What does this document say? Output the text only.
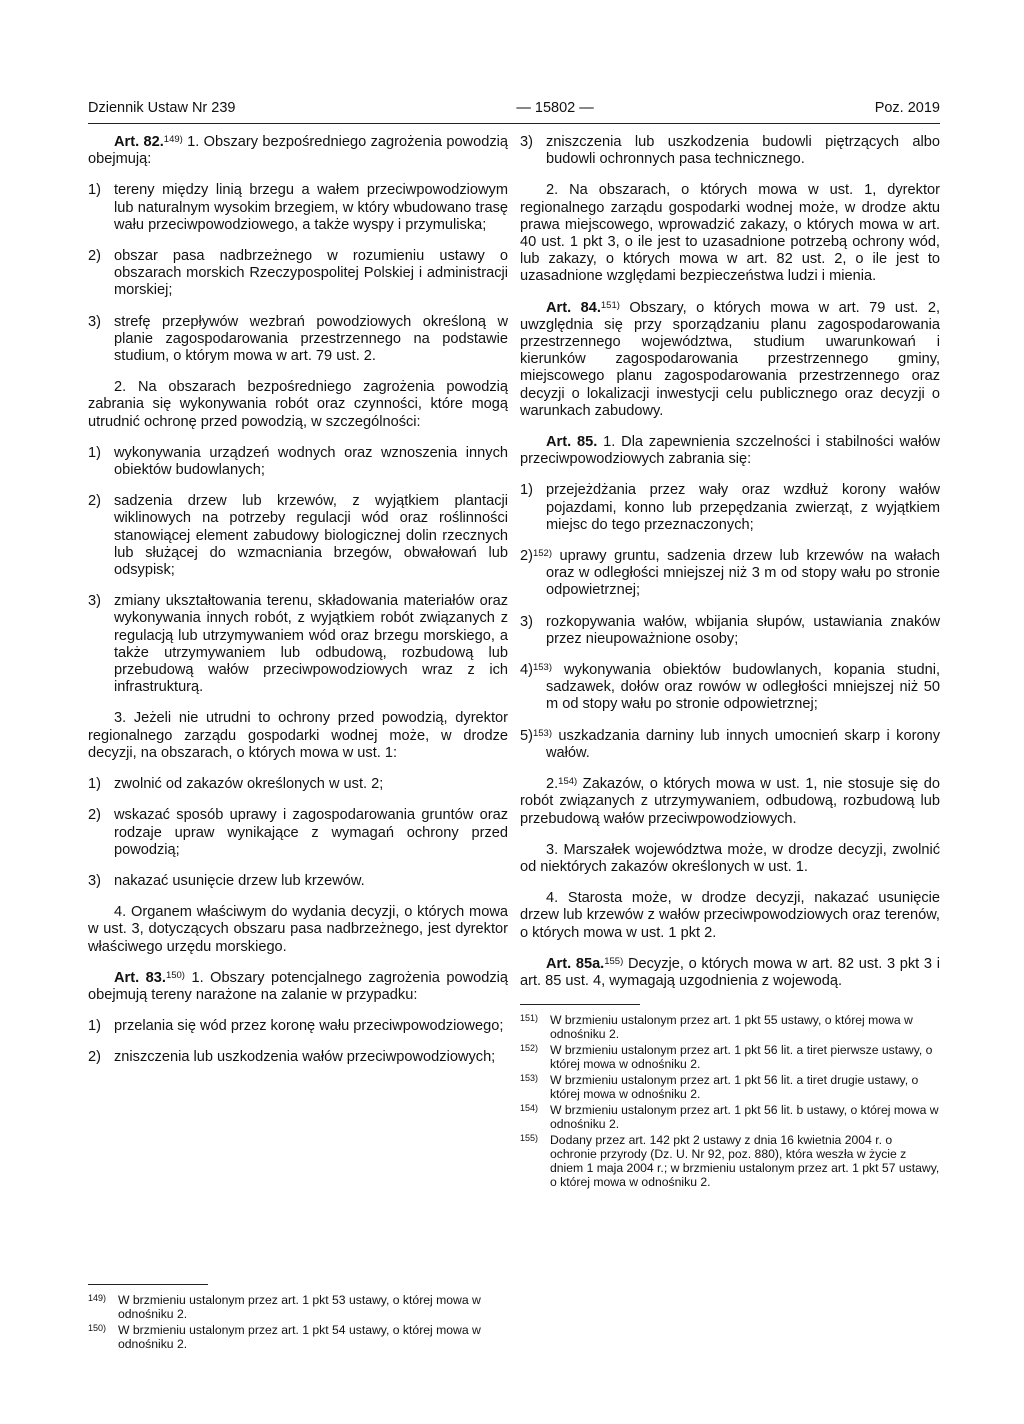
Dziennik Ustaw Nr 239	— 15802 —	Poz. 2019

Art. 82.$^{149)}$ 1. Obszary bezpośredniego zagrożenia powodzią obejmują:

1) tereny między linią brzegu a wałem przeciwpowodziowym lub naturalnym wysokim brzegiem, w który wbudowano trasę wału przeciwpowodziowego, a także wyspy i przymuliska;
2) obszar pasa nadbrzeżnego w rozumieniu ustawy o obszarach morskich Rzeczypospolitej Polskiej i administracji morskiej;
3) strefę przepływów wezbrań powodziowych określoną w planie zagospodarowania przestrzennego na podstawie studium, o którym mowa w art. 79 ust. 2.

2. Na obszarach bezpośredniego zagrożenia powodzią zabrania się wykonywania robót oraz czynności, które mogą utrudnić ochronę przed powodzią, w szczególności:

1) wykonywania urządzeń wodnych oraz wznoszenia innych obiektów budowlanych;
2) sadzenia drzew lub krzewów, z wyjątkiem plantacji wiklinowych na potrzeby regulacji wód oraz roślinności stanowiącej element zabudowy biologicznej dolin rzecznych lub służącej do wzmacniania brzegów, obwałowań lub odsypisk;
3) zmiany ukształtowania terenu, składowania materiałów oraz wykonywania innych robót, z wyjątkiem robót związanych z regulacją lub utrzymywaniem wód oraz brzegu morskiego, a także utrzymywaniem lub odbudową, rozbudową lub przebudową wałów przeciwpowodziowych wraz z ich infrastrukturą.

3. Jeżeli nie utrudni to ochrony przed powodzią, dyrektor regionalnego zarządu gospodarki wodnej może, w drodze decyzji, na obszarach, o których mowa w ust. 1:

1) zwolnić od zakazów określonych w ust. 2;
2) wskazać sposób uprawy i zagospodarowania gruntów oraz rodzaje upraw wynikające z wymagań ochrony przed powodzią;
3) nakazać usunięcie drzew lub krzewów.

4. Organem właściwym do wydania decyzji, o których mowa w ust. 3, dotyczących obszaru pasa nadbrzeżnego, jest dyrektor właściwego urzędu morskiego.

Art. 83.$^{150)}$ 1. Obszary potencjalnego zagrożenia powodzią obejmują tereny narażone na zalanie w przypadku:

1) przelania się wód przez koronę wału przeciwpowodziowego;
2) zniszczenia lub uszkodzenia wałów przeciwpowodziowych;
$^{149)}$ W brzmieniu ustalonym przez art. 1 pkt 53 ustawy, o której mowa w odnośniku 2.
$^{150)}$ W brzmieniu ustalonym przez art. 1 pkt 54 ustawy, o której mowa w odnośniku 2.
3) zniszczenia lub uszkodzenia budowli piętrzących albo budowli ochronnych pasa technicznego.

2. Na obszarach, o których mowa w ust. 1, dyrektor regionalnego zarządu gospodarki wodnej może, w drodze aktu prawa miejscowego, wprowadzić zakazy, o których mowa w art. 40 ust. 1 pkt 3, o ile jest to uzasadnione potrzebą ochrony wód, lub zakazy, o których mowa w art. 82 ust. 2, o ile jest to uzasadnione względami bezpieczeństwa ludzi i mienia.

Art. 84.$^{151)}$ Obszary, o których mowa w art. 79 ust. 2, uwzględnia się przy sporządzaniu planu zagospodarowania przestrzennego województwa, studium uwarunkowań i kierunków zagospodarowania przestrzennego gminy, miejscowego planu zagospodarowania przestrzennego oraz decyzji o lokalizacji inwestycji celu publicznego oraz decyzji o warunkach zabudowy.

Art. 85. 1. Dla zapewnienia szczelności i stabilności wałów przeciwpowodziowych zabrania się:

1) przejeżdżania przez wały oraz wzdłuż korony wałów pojazdami, konno lub przepędzania zwierząt, z wyjątkiem miejsc do tego przeznaczonych;
2)$^{152)}$ uprawy gruntu, sadzenia drzew lub krzewów na wałach oraz w odległości mniejszej niż 3 m od stopy wału po stronie odpowietrznej;
3) rozkopywania wałów, wbijania słupów, ustawiania znaków przez nieupoważnione osoby;
4)$^{153)}$ wykonywania obiektów budowlanych, kopania studni, sadzawek, dołów oraz rowów w odległości mniejszej niż 50 m od stopy wału po stronie odpowietrznej;
5)$^{153)}$ uszkadzania darniny lub innych umocnień skarp i korony wałów.

2.$^{154)}$ Zakazów, o których mowa w ust. 1, nie stosuje się do robót związanych z utrzymywaniem, odbudową, rozbudową lub przebudową wałów przeciwpowodziowych.

3. Marszałek województwa może, w drodze decyzji, zwolnić od niektórych zakazów określonych w ust. 1.

4. Starosta może, w drodze decyzji, nakazać usunięcie drzew lub krzewów z wałów przeciwpowodziowych oraz terenów, o których mowa w ust. 1 pkt 2.

Art. 85a.$^{155)}$ Decyzje, o których mowa w art. 82 ust. 3 pkt 3 i art. 85 ust. 4, wymagają uzgodnienia z wojewodą.

$^{151)}$ W brzmieniu ustalonym przez art. 1 pkt 55 ustawy, o której mowa w odnośniku 2.
$^{152)}$ W brzmieniu ustalonym przez art. 1 pkt 56 lit. a tiret pierwsze ustawy, o której mowa w odnośniku 2.
$^{153)}$ W brzmieniu ustalonym przez art. 1 pkt 56 lit. a tiret drugie ustawy, o której mowa w odnośniku 2.
$^{154)}$ W brzmieniu ustalonym przez art. 1 pkt 56 lit. b ustawy, o której mowa w odnośniku 2.
$^{155)}$ Dodany przez art. 142 pkt 2 ustawy z dnia 16 kwietnia 2004 r. o ochronie przyrody (Dz. U. Nr 92, poz. 880), która weszła w życie z dniem 1 maja 2004 r.; w brzmieniu ustalonym przez art. 1 pkt 57 ustawy, o której mowa w odnośniku 2.
